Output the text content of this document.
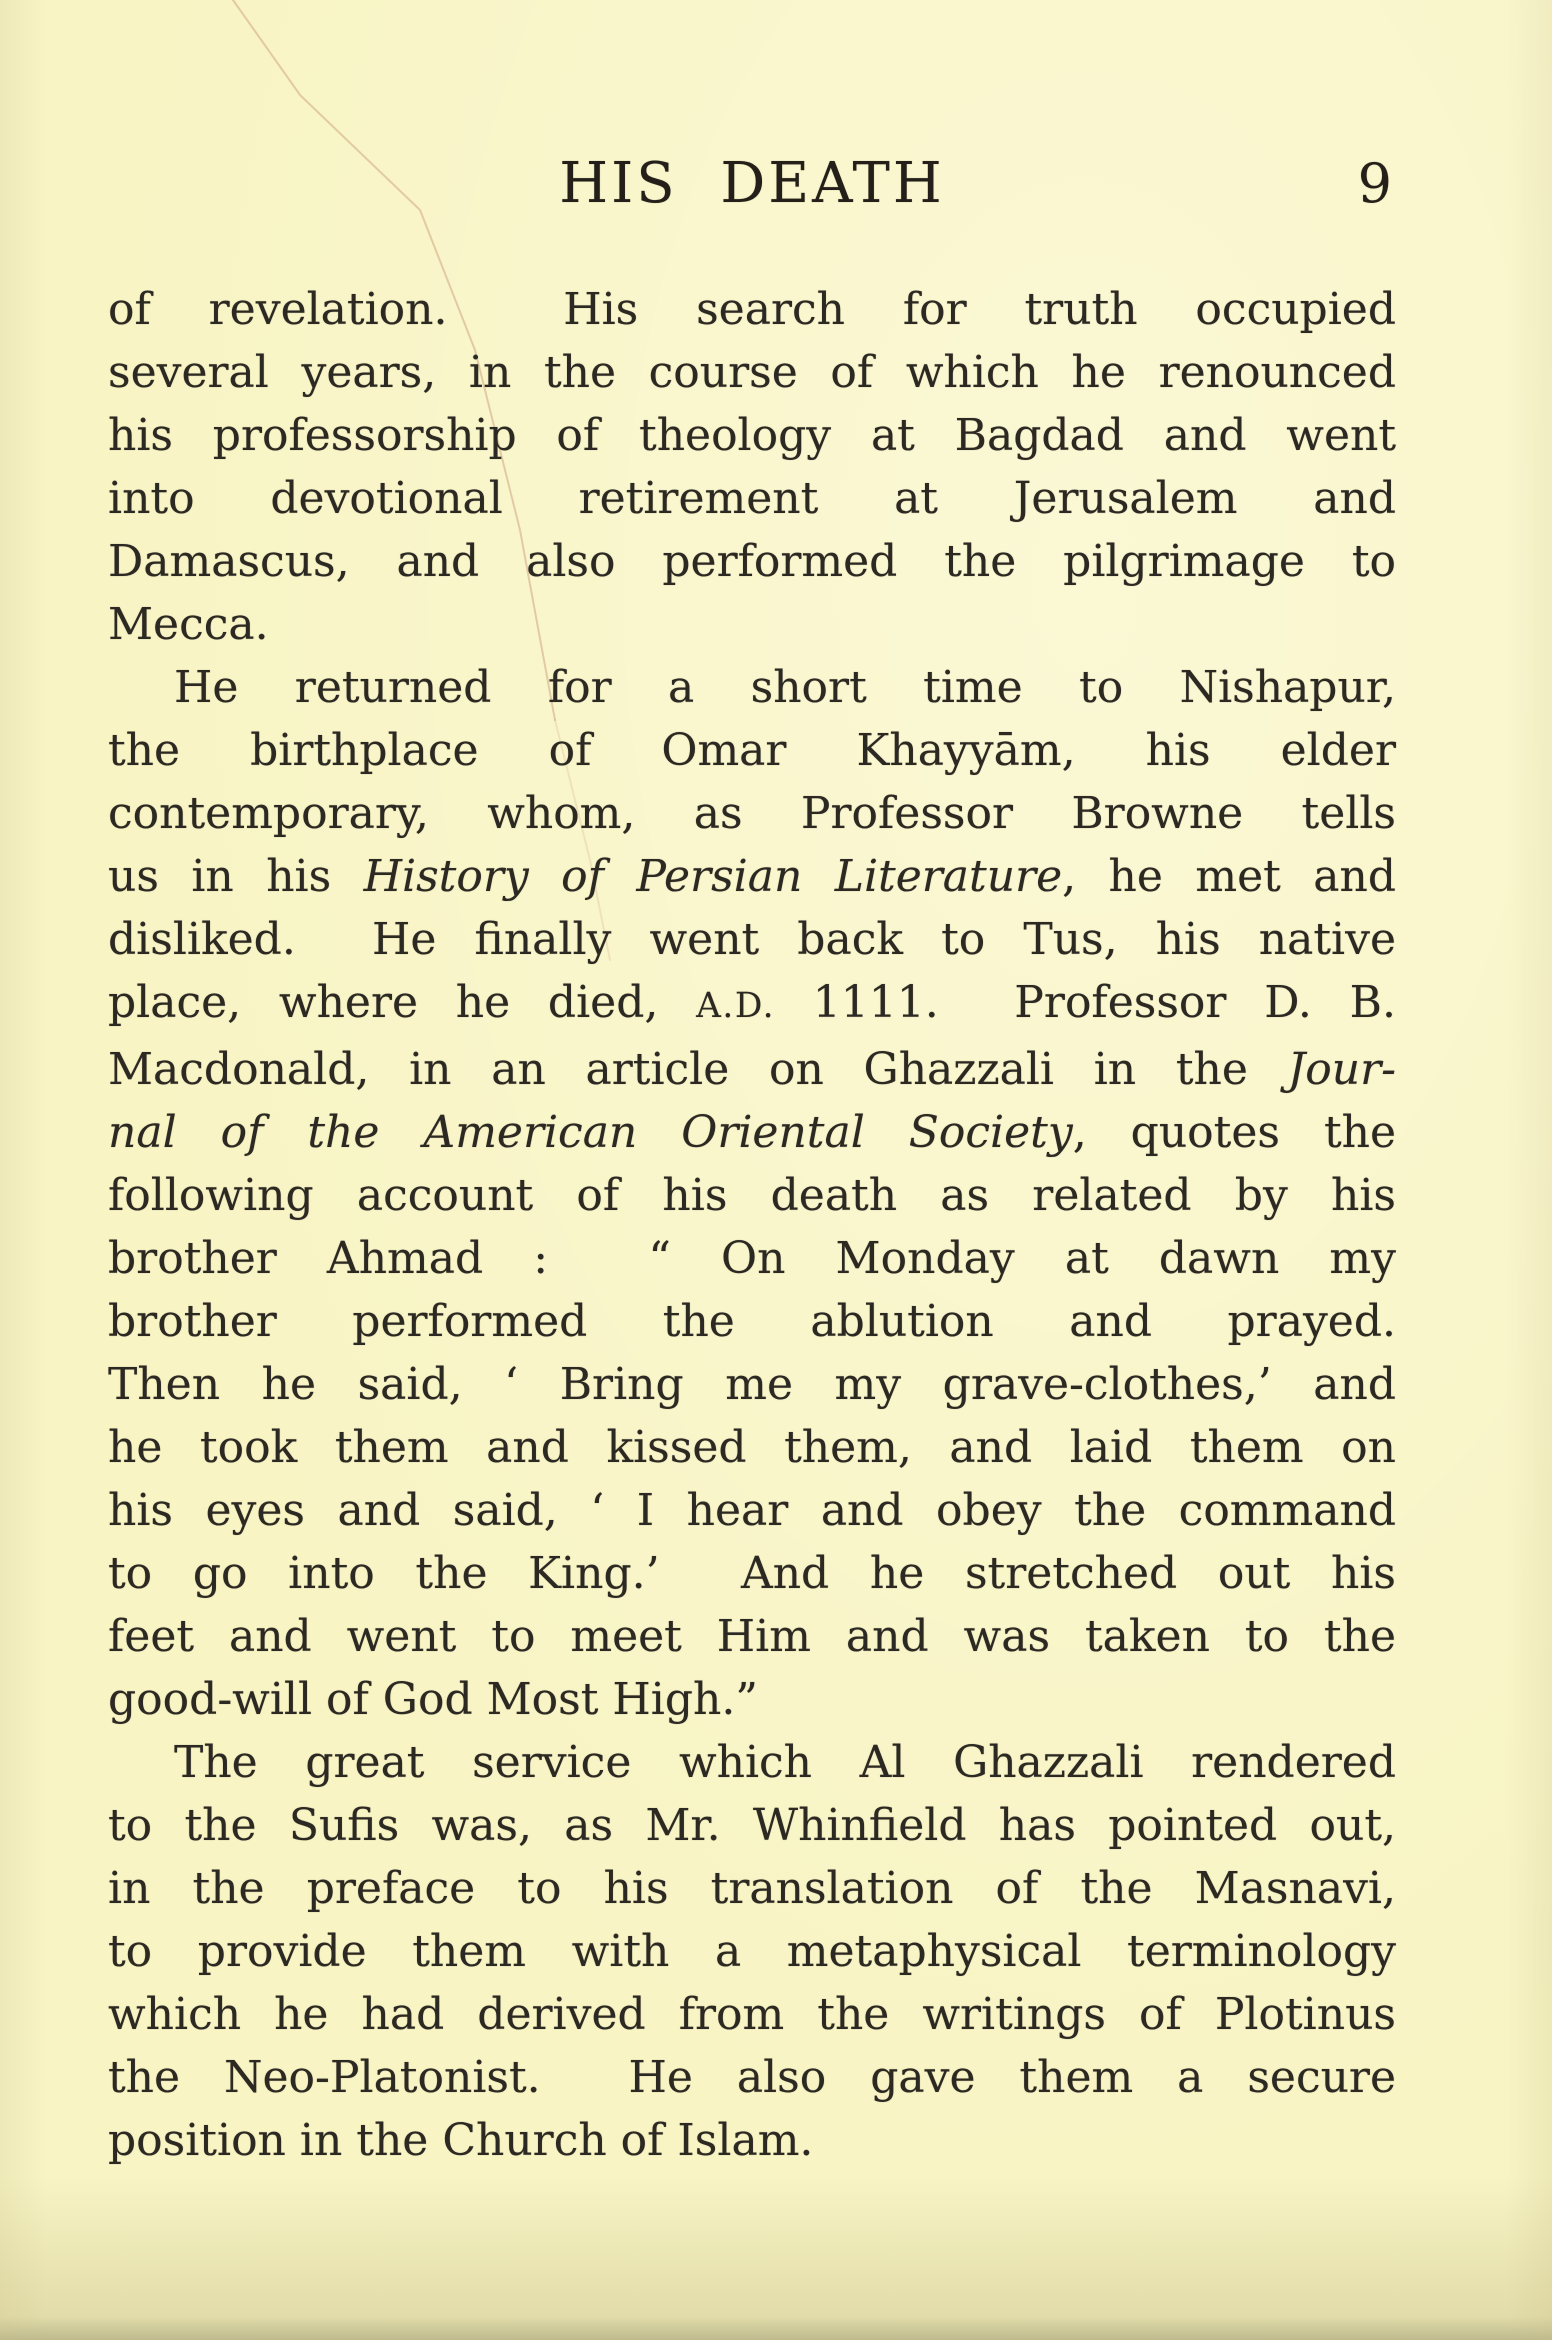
HIS DEATH	9
of revelation.  His search for truth occupied
several years, in the course of which he renounced
his professorship of theology at Bagdad and went
into devotional retirement at Jerusalem and
Damascus, and also performed the pilgrimage to
Mecca.
He returned for a short time to Nishapur,
the birthplace of Omar Khayyām, his elder
contemporary, whom, as Professor Browne tells
us in his History of Persian Literature, he met and
disliked.  He finally went back to Tus, his native
place, where he died, A.D. 1111.  Professor D. B.
Macdonald, in an article on Ghazzali in the Jour-
nal of the American Oriental Society, quotes the
following account of his death as related by his
brother Ahmad :  “ On Monday at dawn my
brother performed the ablution and prayed.
Then he said, ‘ Bring me my grave-clothes,’ and
he took them and kissed them, and laid them on
his eyes and said, ‘ I hear and obey the command
to go into the King.’  And he stretched out his
feet and went to meet Him and was taken to the
good-will of God Most High.”
The great service which Al Ghazzali rendered
to the Sufis was, as Mr. Whinfield has pointed out,
in the preface to his translation of the Masnavi,
to provide them with a metaphysical terminology
which he had derived from the writings of Plotinus
the Neo-Platonist.  He also gave them a secure
position in the Church of Islam.
